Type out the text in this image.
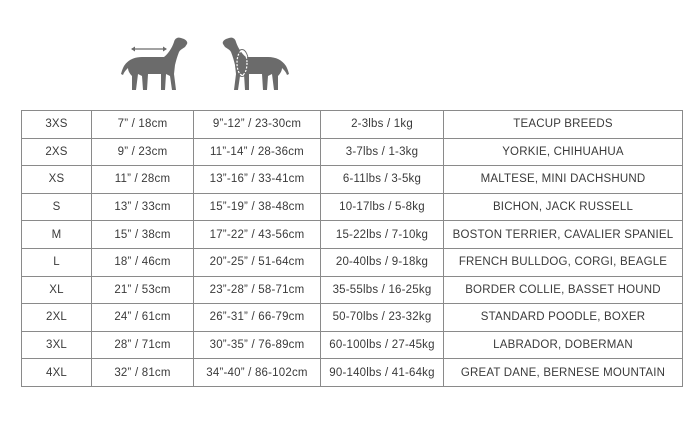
3XS	7” / 18cm	9”-12” / 23-30cm	2-3lbs / 1kg	TEACUP BREEDS
2XS	9” / 23cm	11”-14” / 28-36cm	3-7lbs / 1-3kg	YORKIE, CHIHUAHUA
XS	11” / 28cm	13”-16” / 33-41cm	6-11lbs / 3-5kg	MALTESE, MINI DACHSHUND
S	13” / 33cm	15”-19” / 38-48cm	10-17lbs / 5-8kg	BICHON, JACK RUSSELL
M	15” / 38cm	17”-22” / 43-56cm	15-22lbs / 7-10kg	BOSTON TERRIER, CAVALIER SPANIEL
L	18” / 46cm	20”-25” / 51-64cm	20-40lbs / 9-18kg	FRENCH BULLDOG, CORGI, BEAGLE
XL	21” / 53cm	23”-28” / 58-71cm	35-55lbs / 16-25kg	BORDER COLLIE, BASSET HOUND
2XL	24” / 61cm	26”-31” / 66-79cm	50-70lbs / 23-32kg	STANDARD POODLE, BOXER
3XL	28” / 71cm	30”-35” / 76-89cm	60-100lbs / 27-45kg	LABRADOR, DOBERMAN
4XL	32” / 81cm	34”-40” / 86-102cm	90-140lbs / 41-64kg	GREAT DANE, BERNESE MOUNTAIN
